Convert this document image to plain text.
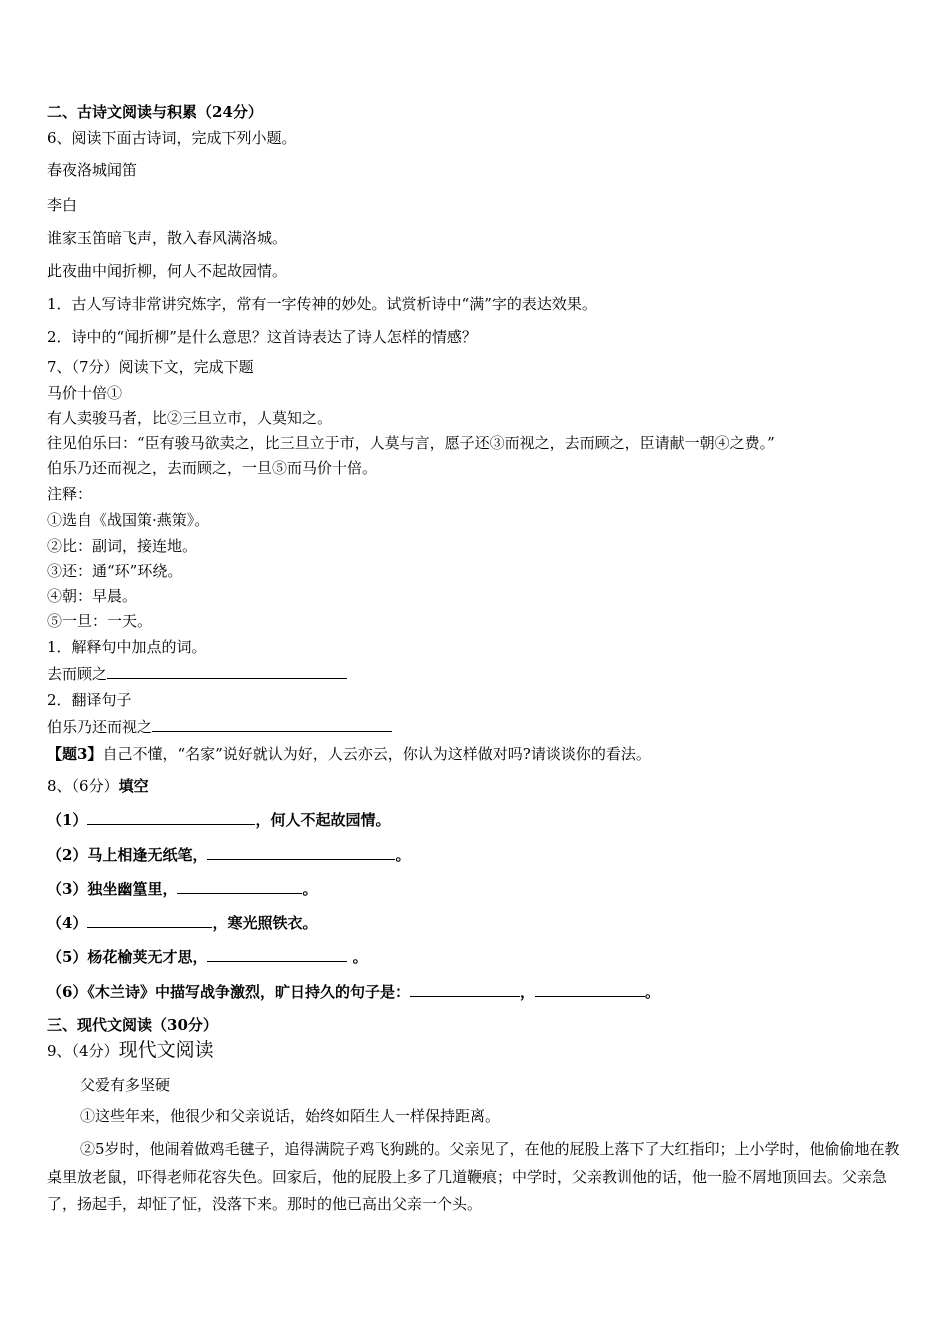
二、古诗文阅读与积累（24分）
6、阅读下面古诗词，完成下列小题。
春夜洛城闻笛
李白
谁家玉笛暗飞声，散入春风满洛城。
此夜曲中闻折柳，何人不起故园情。
1．古人写诗非常讲究炼字，常有一字传神的妙处。试赏析诗中“满”字的表达效果。
2．诗中的“闻折柳”是什么意思？这首诗表达了诗人怎样的情感？
7、（7分）阅读下文，完成下题
马价十倍①
有人卖骏马者，比②三旦立市，人莫知之。
往见伯乐曰：“臣有骏马欲卖之，比三旦立于市，人莫与言，愿子还③而视之，去而顾之，臣请献一朝④之费。”
伯乐乃还而视之，去而顾之，一旦⑤而马价十倍。
注释：
①选自《战国策·燕策》。
②比：副词，接连地。
③还：通“环”环绕。
④朝：早晨。
⑤一旦：一天。
1．解释句中加点的词。
去而顾之
2．翻译句子
伯乐乃还而视之
【题3】自己不懂，“名家”说好就认为好，人云亦云，你认为这样做对吗?请谈谈你的看法。
8、（6分）填空
（1）	，何人不起故园情。
（2）马上相逢无纸笔，	。
（3）独坐幽篁里，	。
（4）	，寒光照铁衣。
（5）杨花榆荚无才思，	。
（6）《木兰诗》中描写战争激烈，旷日持久的句子是：	，	。
三、现代文阅读（30分）
9、（4分）现代文阅读
父爱有多坚硬
①这些年来，他很少和父亲说话，始终如陌生人一样保持距离。
②5岁时，他闹着做鸡毛毽子，追得满院子鸡飞狗跳的。父亲见了，在他的屁股上落下了大红指印；上小学时，他偷偷地在教桌里放老鼠，吓得老师花容失色。回家后，他的屁股上多了几道鞭痕；中学时，父亲教训他的话，他一脸不屑地顶回去。父亲急了，扬起手，却怔了怔，没落下来。那时的他已高出父亲一个头。
